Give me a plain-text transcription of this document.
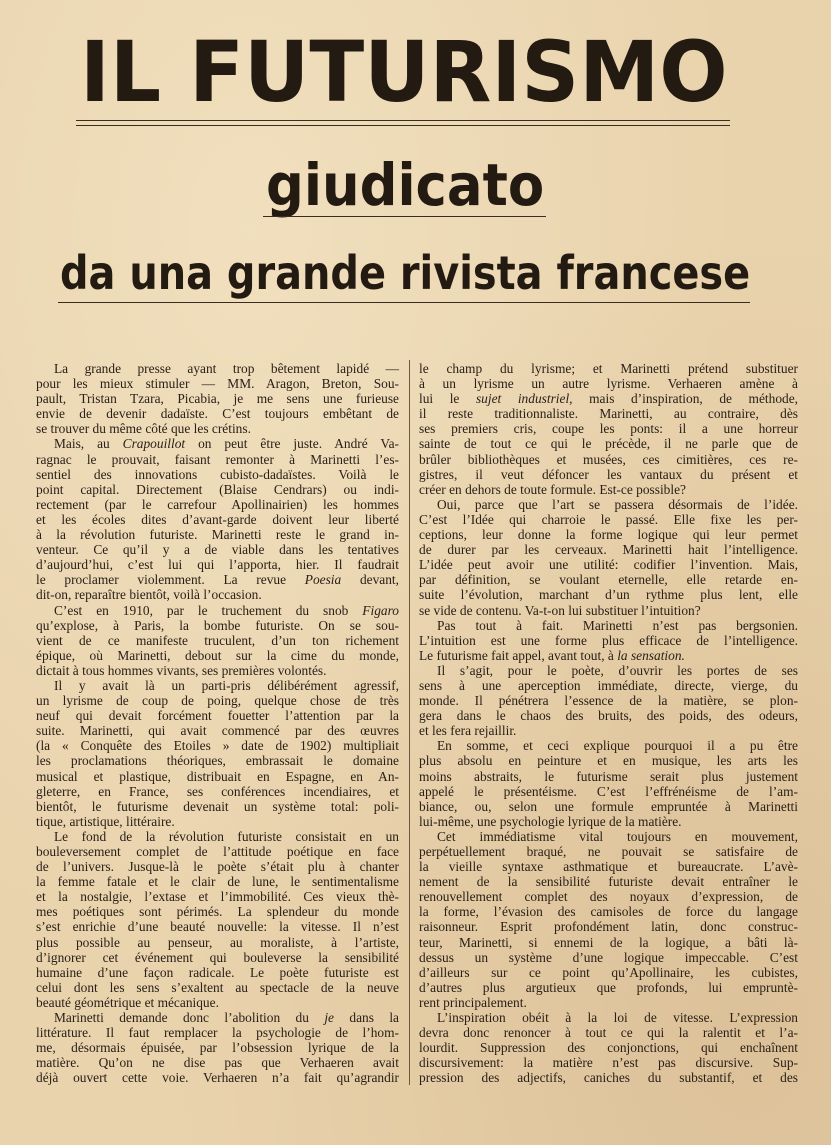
IL FUTURISMO
giudicato
da una grande rivista francese
La grande presse ayant trop bêtement lapidé —
pour les mieux stimuler — MM. Aragon, Breton, Sou-
pault, Tristan Tzara, Picabia, je me sens une furieuse
envie de devenir dadaïste. C’est toujours embêtant de
se trouver du même côté que les crétins.
Mais, au Crapouillot on peut être juste. André Va-
ragnac le prouvait, faisant remonter à Marinetti l’es-
sentiel des innovations cubisto-dadaïstes. Voilà le
point capital. Directement (Blaise Cendrars) ou indi-
rectement (par le carrefour Apollinairien) les hommes
et les écoles dites d’avant-garde doivent leur liberté
à la révolution futuriste. Marinetti reste le grand in-
venteur. Ce qu’il y a de viable dans les tentatives
d’aujourd’hui, c’est lui qui l’apporta, hier. Il faudrait
le proclamer violemment. La revue Poesia devant,
dit-on, reparaître bientôt, voilà l’occasion.
C’est en 1910, par le truchement du snob Figaro
qu’explose, à Paris, la bombe futuriste. On se sou-
vient de ce manifeste truculent, d’un ton richement
épique, où Marinetti, debout sur la cime du monde,
dictait à tous hommes vivants, ses premières volontés.
Il y avait là un parti-pris délibérément agressif,
un lyrisme de coup de poing, quelque chose de très
neuf qui devait forcément fouetter l’attention par la
suite. Marinetti, qui avait commencé par des œuvres
(la « Conquête des Etoiles » date de 1902) multipliait
les proclamations théoriques, embrassait le domaine
musical et plastique, distribuait en Espagne, en An-
gleterre, en France, ses conférences incendiaires, et
bientôt, le futurisme devenait un système total: poli-
tique, artistique, littéraire.
Le fond de la révolution futuriste consistait en un
bouleversement complet de l’attitude poétique en face
de l’univers. Jusque-là le poète s’était plu à chanter
la femme fatale et le clair de lune, le sentimentalisme
et la nostalgie, l’extase et l’immobilité. Ces vieux thè-
mes poétiques sont périmés. La splendeur du monde
s’est enrichie d’une beauté nouvelle: la vitesse. Il n’est
plus possible au penseur, au moraliste, à l’artiste,
d’ignorer cet événement qui bouleverse la sensibilité
humaine d’une façon radicale. Le poète futuriste est
celui dont les sens s’exaltent au spectacle de la neuve
beauté géométrique et mécanique.
Marinetti demande donc l’abolition du je dans la
littérature. Il faut remplacer la psychologie de l’hom-
me, désormais épuisée, par l’obsession lyrique de la
matière. Qu’on ne dise pas que Verhaeren avait
déjà ouvert cette voie. Verhaeren n’a fait qu’agrandir
le champ du lyrisme; et Marinetti prétend substituer
à un lyrisme un autre lyrisme. Verhaeren amène à
lui le sujet industriel, mais d’inspiration, de méthode,
il reste traditionnaliste. Marinetti, au contraire, dès
ses premiers cris, coupe les ponts: il a une horreur
sainte de tout ce qui le précède, il ne parle que de
brûler bibliothèques et musées, ces cimitières, ces re-
gistres, il veut défoncer les vantaux du présent et
créer en dehors de toute formule. Est-ce possible?
Oui, parce que l’art se passera désormais de l’idée.
C’est l’Idée qui charroie le passé. Elle fixe les per-
ceptions, leur donne la forme logique qui leur permet
de durer par les cerveaux. Marinetti hait l’intelligence.
L’idée peut avoir une utilité: codifier l’invention. Mais,
par définition, se voulant eternelle, elle retarde en-
suite l’évolution, marchant d’un rythme plus lent, elle
se vide de contenu. Va-t-on lui substituer l’intuition?
Pas tout à fait. Marinetti n’est pas bergsonien.
L’intuition est une forme plus efficace de l’intelligence.
Le futurisme fait appel, avant tout, à la sensation.
Il s’agit, pour le poète, d’ouvrir les portes de ses
sens à une aperception immédiate, directe, vierge, du
monde. Il pénétrera l’essence de la matière, se plon-
gera dans le chaos des bruits, des poids, des odeurs,
et les fera rejaillir.
En somme, et ceci explique pourquoi il a pu être
plus absolu en peinture et en musique, les arts les
moins abstraits, le futurisme serait plus justement
appelé le présentéisme. C’est l’effrénéisme de l’am-
biance, ou, selon une formule empruntée à Marinetti
lui-même, une psychologie lyrique de la matière.
Cet immédiatisme vital toujours en mouvement,
perpétuellement braqué, ne pouvait se satisfaire de
la vieille syntaxe asthmatique et bureaucrate. L’avè-
nement de la sensibilité futuriste devait entraîner le
renouvellement complet des noyaux d’expression, de
la forme, l’évasion des camisoles de force du langage
raisonneur. Esprit profondément latin, donc construc-
teur, Marinetti, si ennemi de la logique, a bâti là-
dessus un système d’une logique impeccable. C’est
d’ailleurs sur ce point qu’Apollinaire, les cubistes,
d’autres plus argutieux que profonds, lui empruntè-
rent principalement.
L’inspiration obéit à la loi de vitesse. L’expression
devra donc renoncer à tout ce qui la ralentit et l’a-
lourdit. Suppression des conjonctions, qui enchaînent
discursivement: la matière n’est pas discursive. Sup-
pression des adjectifs, caniches du substantif, et des
